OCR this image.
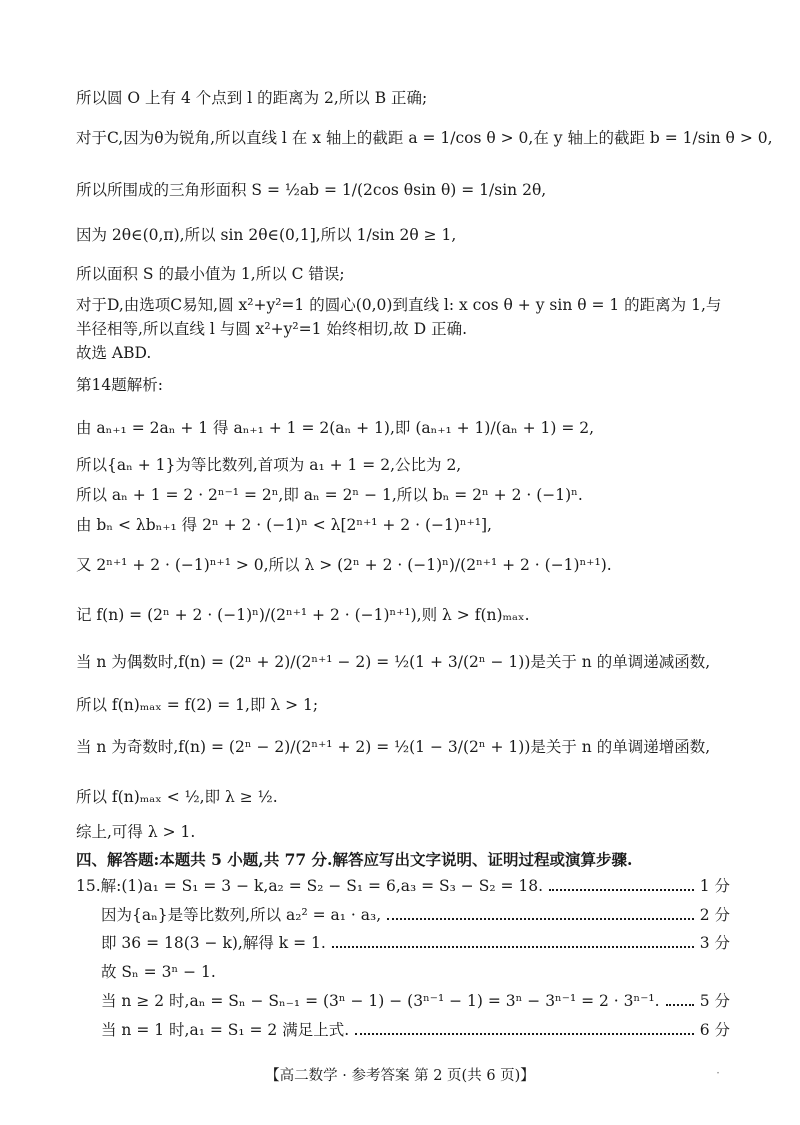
所以圆 O 上有 4 个点到 l 的距离为 2,所以 B 正确;
对于C,因为θ为锐角,所以直线 l 在 x 轴上的截距 a = 1/cos θ > 0,在 y 轴上的截距 b = 1/sin θ > 0,
所以所围成的三角形面积 S = ½ab = 1/(2cos θsin θ) = 1/sin 2θ,
因为 2θ∈(0,π),所以 sin 2θ∈(0,1],所以 1/sin 2θ ≥ 1,
所以面积 S 的最小值为 1,所以 C 错误;
对于D,由选项C易知,圆 x²+y²=1 的圆心(0,0)到直线 l: x cos θ + y sin θ = 1 的距离为 1,与
半径相等,所以直线 l 与圆 x²+y²=1 始终相切,故 D 正确.
故选 ABD.
第14题解析:
由 aₙ₊₁ = 2aₙ + 1 得 aₙ₊₁ + 1 = 2(aₙ + 1),即 (aₙ₊₁ + 1)/(aₙ + 1) = 2,
所以{aₙ + 1}为等比数列,首项为 a₁ + 1 = 2,公比为 2,
所以 aₙ + 1 = 2 · 2ⁿ⁻¹ = 2ⁿ,即 aₙ = 2ⁿ − 1,所以 bₙ = 2ⁿ + 2 · (−1)ⁿ.
由 bₙ < λbₙ₊₁ 得 2ⁿ + 2 · (−1)ⁿ < λ[2ⁿ⁺¹ + 2 · (−1)ⁿ⁺¹],
又 2ⁿ⁺¹ + 2 · (−1)ⁿ⁺¹ > 0,所以 λ > (2ⁿ + 2 · (−1)ⁿ)/(2ⁿ⁺¹ + 2 · (−1)ⁿ⁺¹).
记 f(n) = (2ⁿ + 2 · (−1)ⁿ)/(2ⁿ⁺¹ + 2 · (−1)ⁿ⁺¹),则 λ > f(n)ₘₐₓ.
当 n 为偶数时,f(n) = (2ⁿ + 2)/(2ⁿ⁺¹ − 2) = ½(1 + 3/(2ⁿ − 1))是关于 n 的单调递减函数,
所以 f(n)ₘₐₓ = f(2) = 1,即 λ > 1;
当 n 为奇数时,f(n) = (2ⁿ − 2)/(2ⁿ⁺¹ + 2) = ½(1 − 3/(2ⁿ + 1))是关于 n 的单调递增函数,
所以 f(n)ₘₐₓ < ½,即 λ ≥ ½.
综上,可得 λ > 1.
四、解答题:本题共 5 小题,共 77 分.解答应写出文字说明、证明过程或演算步骤.
15.解:(1)a₁ = S₁ = 3 − k,a₂ = S₂ − S₁ = 6,a₃ = S₃ − S₂ = 18.	1 分
因为{aₙ}是等比数列,所以 a₂² = a₁ · a₃,	2 分
即 36 = 18(3 − k),解得 k = 1.	3 分
故 Sₙ = 3ⁿ − 1.
当 n ≥ 2 时,aₙ = Sₙ − Sₙ₋₁ = (3ⁿ − 1) − (3ⁿ⁻¹ − 1) = 3ⁿ − 3ⁿ⁻¹ = 2 · 3ⁿ⁻¹.	5 分
当 n = 1 时,a₁ = S₁ = 2 满足上式.	6 分
【高二数学 · 参考答案 第 2 页(共 6 页)】	·
